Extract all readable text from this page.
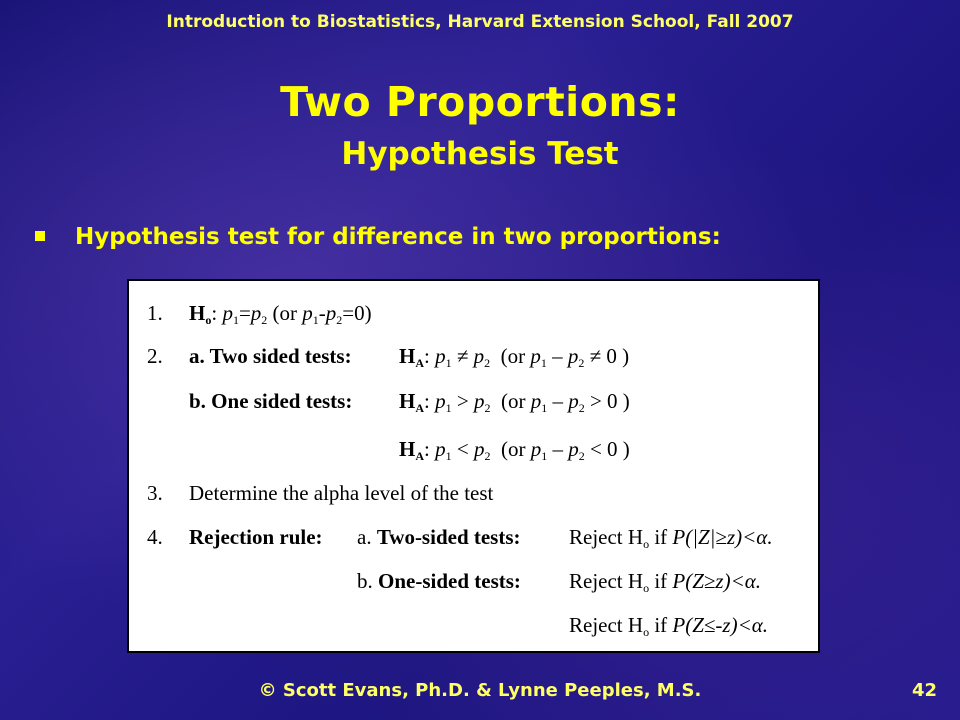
Introduction to Biostatistics, Harvard Extension School, Fall 2007
Two Proportions:
Hypothesis Test
Hypothesis test for difference in two proportions:
1. $H_o$: $p_1=p_2$ (or $p_1-p_2=0$)
2. a. Two sided tests: $H_A$: $p_1 \ne p_2$ (or $p_1 - p_2 \ne 0$ )
b. One sided tests: $H_A$: $p_1 > p_2$ (or $p_1 - p_2 > 0$ )
$H_A$: $p_1 < p_2$ (or $p_1 - p_2 < 0$ )
3. Determine the alpha level of the test
4. Rejection rule: a. Two-sided tests: Reject $H_o$ if P(|Z|≥z)<α.
b. One-sided tests: Reject $H_o$ if P(Z≥z)<α.
Reject $H_o$ if P(Z≤-z)<α.
© Scott Evans, Ph.D. & Lynne Peeples, M.S.	42
